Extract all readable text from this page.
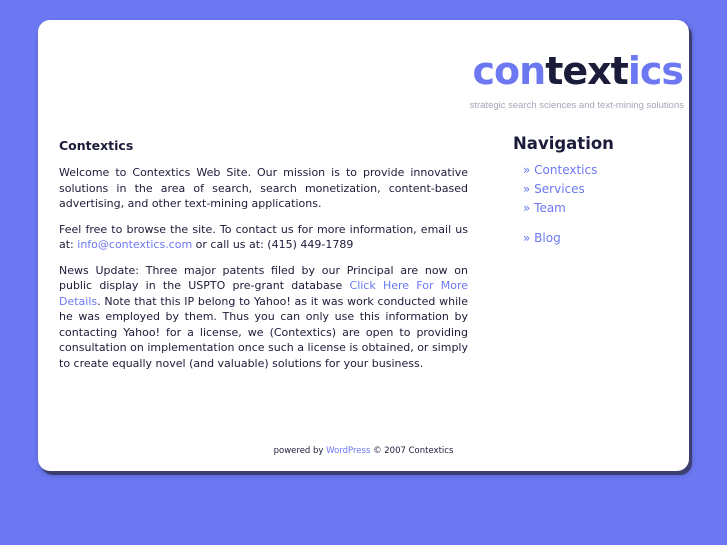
contextics
strategic search sciences and text-mining solutions
Contextics

Welcome to Contextics Web Site. Our mission is to provide innovative solutions in the area of search, search monetization, content-based advertising, and other text-mining applications.

Feel free to browse the site. To contact us for more information, email us at: info@contextics.com or call us at: (415) 449-1789

News Update: Three major patents filed by our Principal are now on public display in the USPTO pre-grant database Click Here For More Details. Note that this IP belong to Yahoo! as it was work conducted while he was employed by them. Thus you can only use this information by contacting Yahoo! for a license, we (Contextics) are open to providing consultation on implementation once such a license is obtained, or simply to create equally novel (and valuable) solutions for your business.

Navigation
» Contextics
» Services
» Team
» Blog
powered by WordPress © 2007 Contextics
